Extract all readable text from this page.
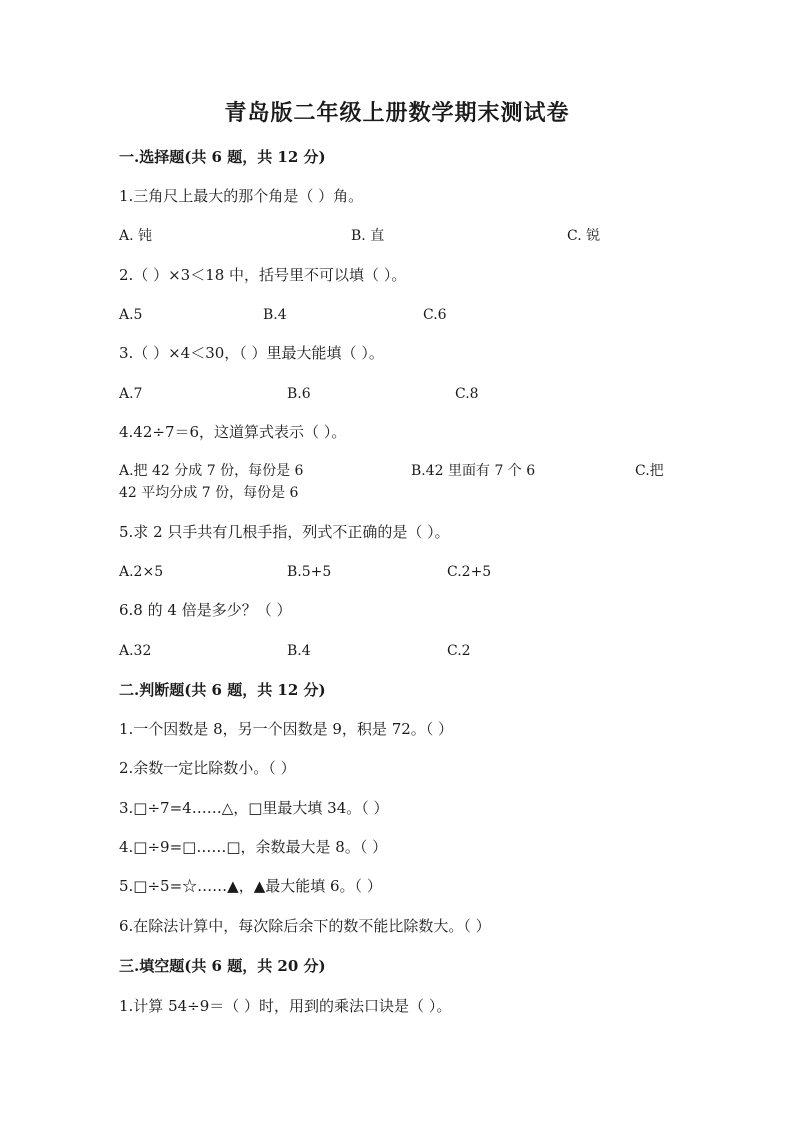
青岛版二年级上册数学期末测试卷
一.选择题(共 6 题，共 12 分)
1.三角尺上最大的那个角是（ ）角。
A. 钝	B. 直	C. 锐
2.（ ）×3＜18 中，括号里不可以填（ ）。
A.5	B.4	C.6
3.（ ）×4＜30，（ ）里最大能填（ ）。
A.7	B.6	C.8
4.42÷7＝6，这道算式表示（ ）。
A.把 42 分成 7 份，每份是 6	B.42 里面有 7 个 6	C.把
42 平均分成 7 份，每份是 6
5.求 2 只手共有几根手指，列式不正确的是（ ）。
A.2×5	B.5+5	C.2+5
6.8 的 4 倍是多少？（ ）
A.32	B.4	C.2
二.判断题(共 6 题，共 12 分)
1.一个因数是 8，另一个因数是 9，积是 72。（ ）
2.余数一定比除数小。（ ）
3.□÷7=4……△，□里最大填 34。（ ）
4.□÷9=□……□，余数最大是 8。（ ）
5.□÷5=☆……▲，▲最大能填 6。（ ）
6.在除法计算中，每次除后余下的数不能比除数大。（ ）
三.填空题(共 6 题，共 20 分)
1.计算 54÷9＝（ ）时，用到的乘法口诀是（ ）。
